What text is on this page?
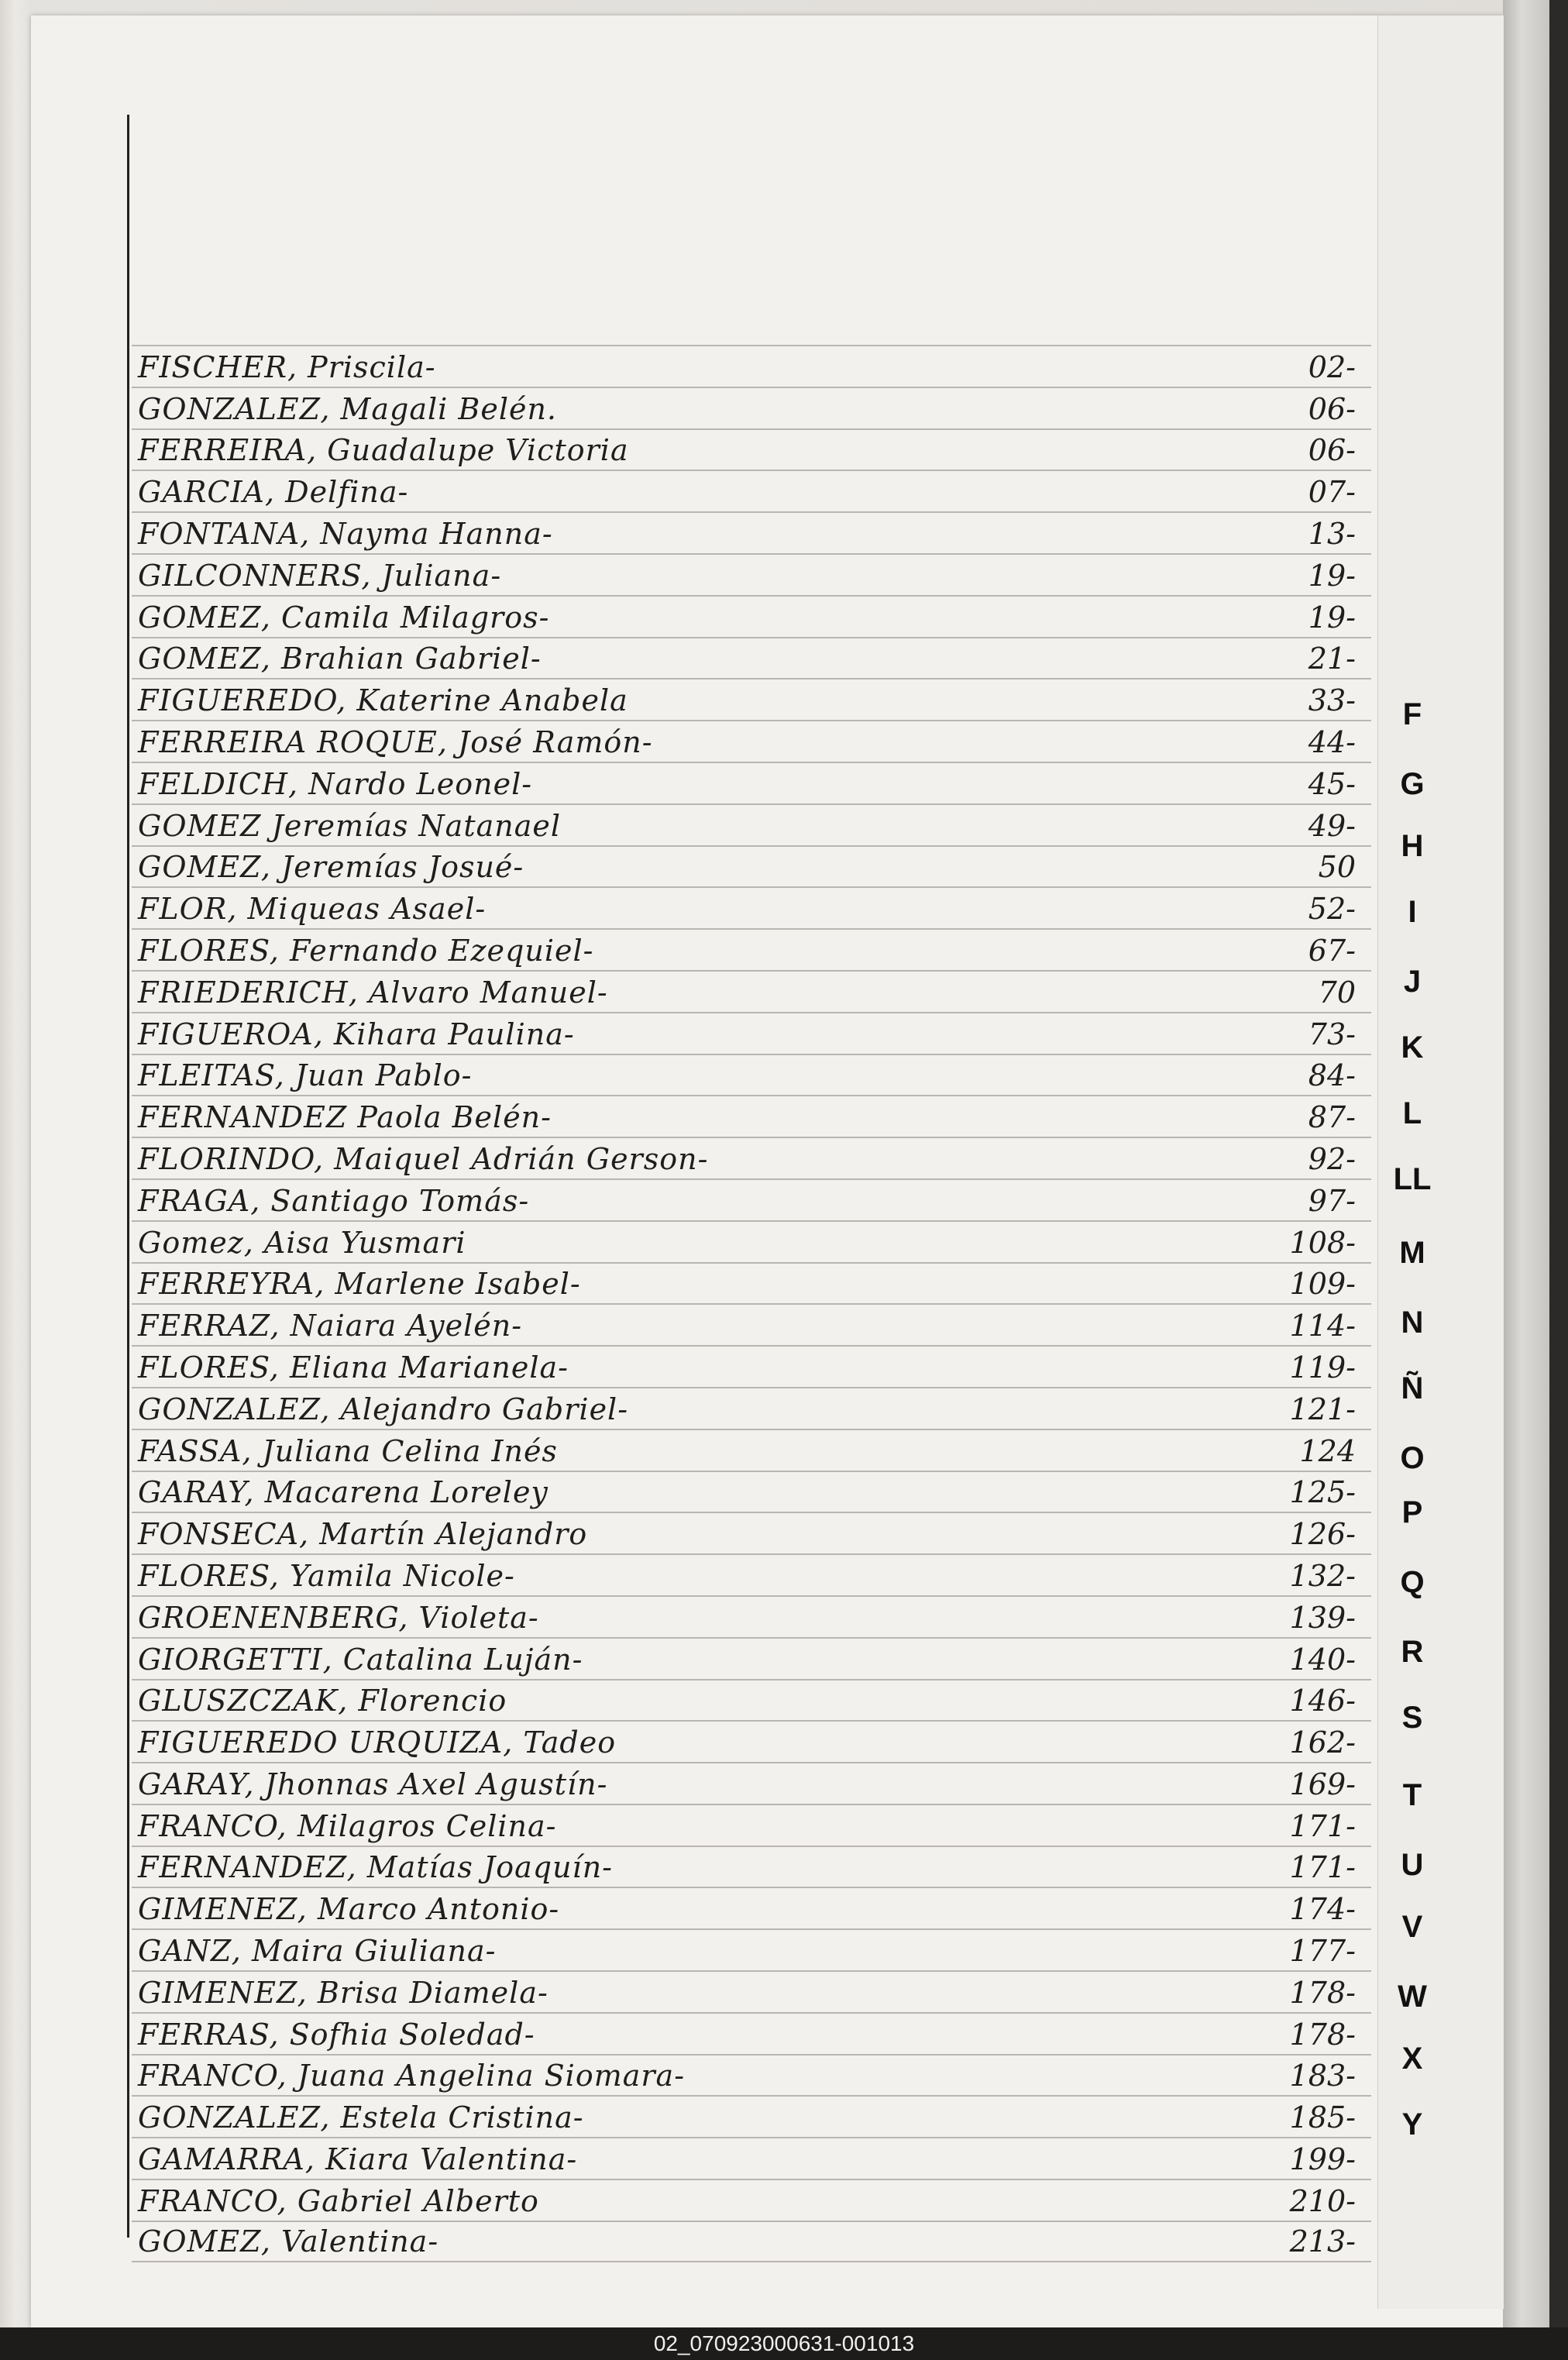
FISCHER, Priscila-	02-
GONZALEZ, Magali Belén.	06-
FERREIRA, Guadalupe Victoria	06-
GARCIA, Delfina-	07-
FONTANA, Nayma Hanna-	13-
GILCONNERS, Juliana-	19-
GOMEZ, Camila Milagros-	19-
GOMEZ, Brahian Gabriel-	21-
FIGUEREDO, Katerine Anabela	33-
FERREIRA ROQUE, José Ramón-	44-
FELDICH, Nardo Leonel-	45-
GOMEZ Jeremías Natanael	49-
GOMEZ, Jeremías Josué-	50
FLOR, Miqueas Asael-	52-
FLORES, Fernando Ezequiel-	67-
FRIEDERICH, Alvaro Manuel-	70
FIGUEROA, Kihara Paulina-	73-
FLEITAS, Juan Pablo-	84-
FERNANDEZ Paola Belén-	87-
FLORINDO, Maiquel Adrián Gerson-	92-
FRAGA, Santiago Tomás-	97-
Gomez, Aisa Yusmari	108-
FERREYRA, Marlene Isabel-	109-
FERRAZ, Naiara Ayelén-	114-
FLORES, Eliana Marianela-	119-
GONZALEZ, Alejandro Gabriel-	121-
FASSA, Juliana Celina Inés	124
GARAY, Macarena Loreley	125-
FONSECA, Martín Alejandro	126-
FLORES, Yamila Nicole-	132-
GROENENBERG, Violeta-	139-
GIORGETTI, Catalina Luján-	140-
GLUSZCZAK, Florencio	146-
FIGUEREDO URQUIZA, Tadeo	162-
GARAY, Jhonnas Axel Agustín-	169-
FRANCO, Milagros Celina-	171-
FERNANDEZ, Matías Joaquín-	171-
GIMENEZ, Marco Antonio-	174-
GANZ, Maira Giuliana-	177-
GIMENEZ, Brisa Diamela-	178-
FERRAS, Sofhia Soledad-	178-
FRANCO, Juana Angelina Siomara-	183-
GONZALEZ, Estela Cristina-	185-
GAMARRA, Kiara Valentina-	199-
FRANCO, Gabriel Alberto	210-
GOMEZ, Valentina-	213-
F
G
H
I
J
K
L
LL
M
N
Ñ
O
P
Q
R
S
T
U
V
W
X
Y
02_070923000631-001013
